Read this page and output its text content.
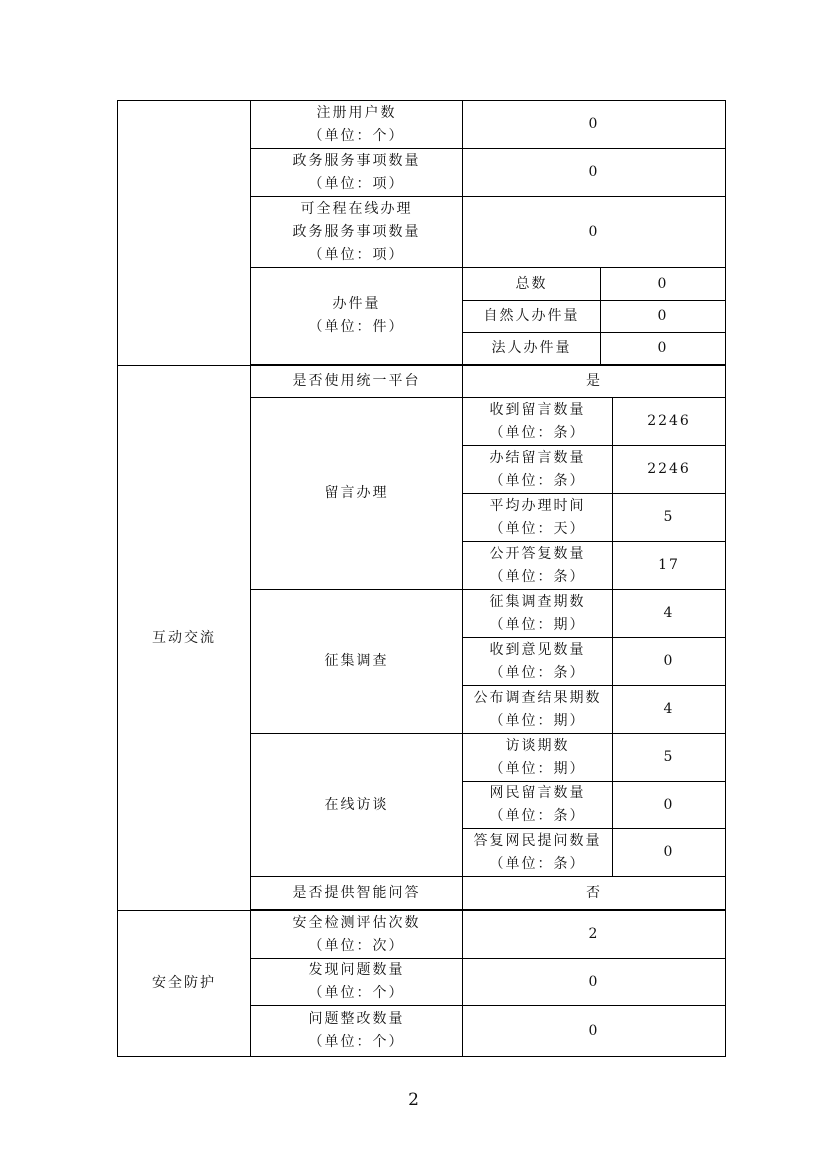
	注册用户数
（单位：个）	0		

	政务服务事项数量
（单位：项）	0		

	可全程在线办理
政务服务事项数量
（单位：项）	0		

	办件量
（单位：件）	总数	0	
		自然人办件量	0	
		法人办件量	0	

互动交流	是否使用统一平台	是		
	留言办理	收到留言数量
（单位：条）		2246

		办结留言数量
（单位：条）		2246

		平均办理时间
（单位：天）		5

		公开答复数量
（单位：条）		17
	征集调查	征集调查期数
（单位：期）		4

		收到意见数量
（单位：条）		0

		公布调查结果期数
（单位：期）		4
	在线访谈	访谈期数
（单位：期）		5

		网民留言数量
（单位：条）		0

		答复网民提问数量
（单位：条）		0
	是否提供智能问答	否		

安全防护	安全检测评估次数
（单位：次）	2		

	发现问题数量
（单位：个）	0		

	问题整改数量
（单位：个）	0		
2
